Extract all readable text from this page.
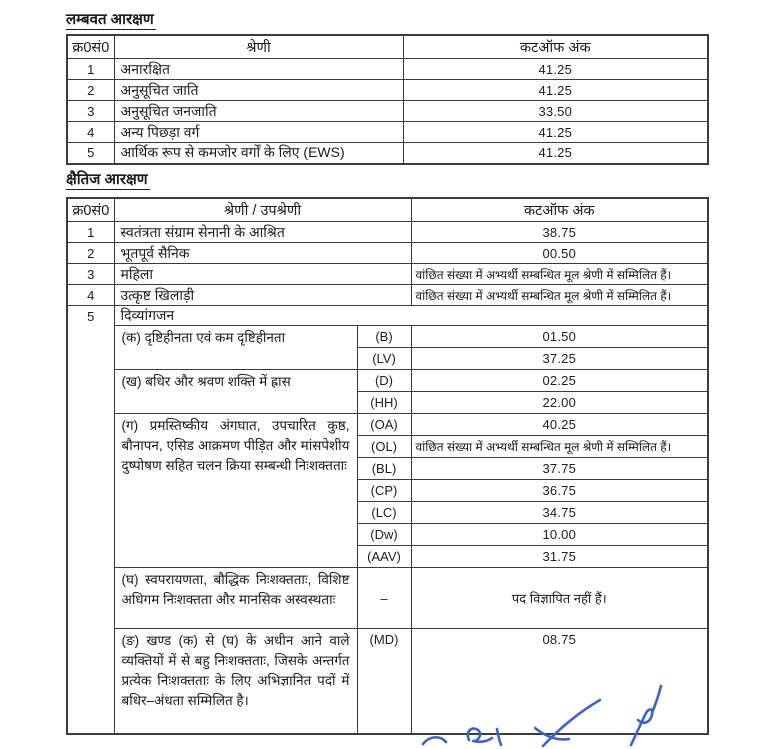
लम्बवत आरक्षण
क्र0सं0	श्रेणी	कटऑफ अंक
1	अनारक्षित	41.25
2	अनुसूचित जाति	41.25
3	अनुसूचित जनजाति	33.50
4	अन्य पिछड़ा वर्ग	41.25
5	आर्थिक रूप से कमजोर वर्गों के लिए (EWS)	41.25
क्षैतिज आरक्षण
क्र0सं0	श्रेणी / उपश्रेणी		कटऑफ अंक
1	स्वतंत्रता संग्राम सेनानी के आश्रित		38.75
2	भूतपूर्व सैनिक		00.50
3	महिला		वांछित संख्या में अभ्यर्थी सम्बन्धित मूल श्रेणी में सम्मिलित हैं।
4	उत्कृष्ट खिलाड़ी		वांछित संख्या में अभ्यर्थी सम्बन्धित मूल श्रेणी में सम्मिलित हैं।
5	दिव्यांगजन		
	(क) दृष्टिहीनता एवं कम दृष्टिहीनता	(B)	01.50
		(LV)	37.25
	(ख) बधिर और श्रवण शक्ति में ह्रास	(D)	02.25
		(HH)	22.00
	(ग) प्रमस्तिष्कीय अंगघात, उपचारित कुष्ठ, बौनापन, एसिड आक्रमण पीड़ित और मांसपेशीय दुष्पोषण सहित चलन क्रिया सम्बन्धी निःशक्तताः	(OA)	40.25
		(OL)	वांछित संख्या में अभ्यर्थी सम्बन्धित मूल श्रेणी में सम्मिलित हैं।
		(BL)	37.75
		(CP)	36.75
		(LC)	34.75
		(Dw)	10.00
		(AAV)	31.75
	(घ) स्वपरायणता, बौद्धिक निःशक्तताः, विशिष्ट अधिगम निःशक्तता और मानसिक अस्वस्थताः	–	पद विज्ञापित नहीं हैं।
	(ङ) खण्ड (क) से (घ) के अधीन आने वाले व्यक्तियों में से बहु निःशक्तताः, जिसके अन्तर्गत प्रत्येक निःशक्तताः के लिए अभिज्ञानित पदों में बधिर–अंधता सम्मिलित है।	(MD)	08.75
